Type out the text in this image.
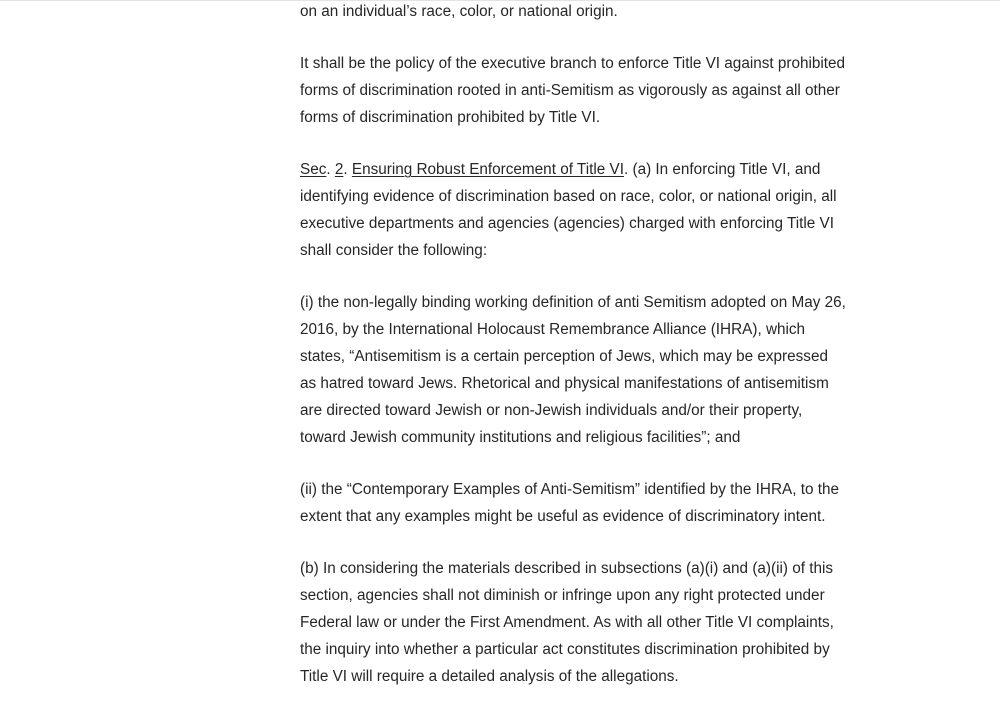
on an individual’s race, color, or national origin.

It shall be the policy of the executive branch to enforce Title VI against prohibited forms of discrimination rooted in anti-Semitism as vigorously as against all other forms of discrimination prohibited by Title VI.

Sec. 2. Ensuring Robust Enforcement of Title VI. (a) In enforcing Title VI, and identifying evidence of discrimination based on race, color, or national origin, all executive departments and agencies (agencies) charged with enforcing Title VI shall consider the following:

(i) the non-legally binding working definition of anti Semitism adopted on May 26, 2016, by the International Holocaust Remembrance Alliance (IHRA), which states, “Antisemitism is a certain perception of Jews, which may be expressed as hatred toward Jews. Rhetorical and physical manifestations of antisemitism are directed toward Jewish or non-Jewish individuals and/or their property, toward Jewish community institutions and religious facilities”; and

(ii) the “Contemporary Examples of Anti-Semitism” identified by the IHRA, to the extent that any examples might be useful as evidence of discriminatory intent.

(b) In considering the materials described in subsections (a)(i) and (a)(ii) of this section, agencies shall not diminish or infringe upon any right protected under Federal law or under the First Amendment. As with all other Title VI complaints, the inquiry into whether a particular act constitutes discrimination prohibited by Title VI will require a detailed analysis of the allegations.
